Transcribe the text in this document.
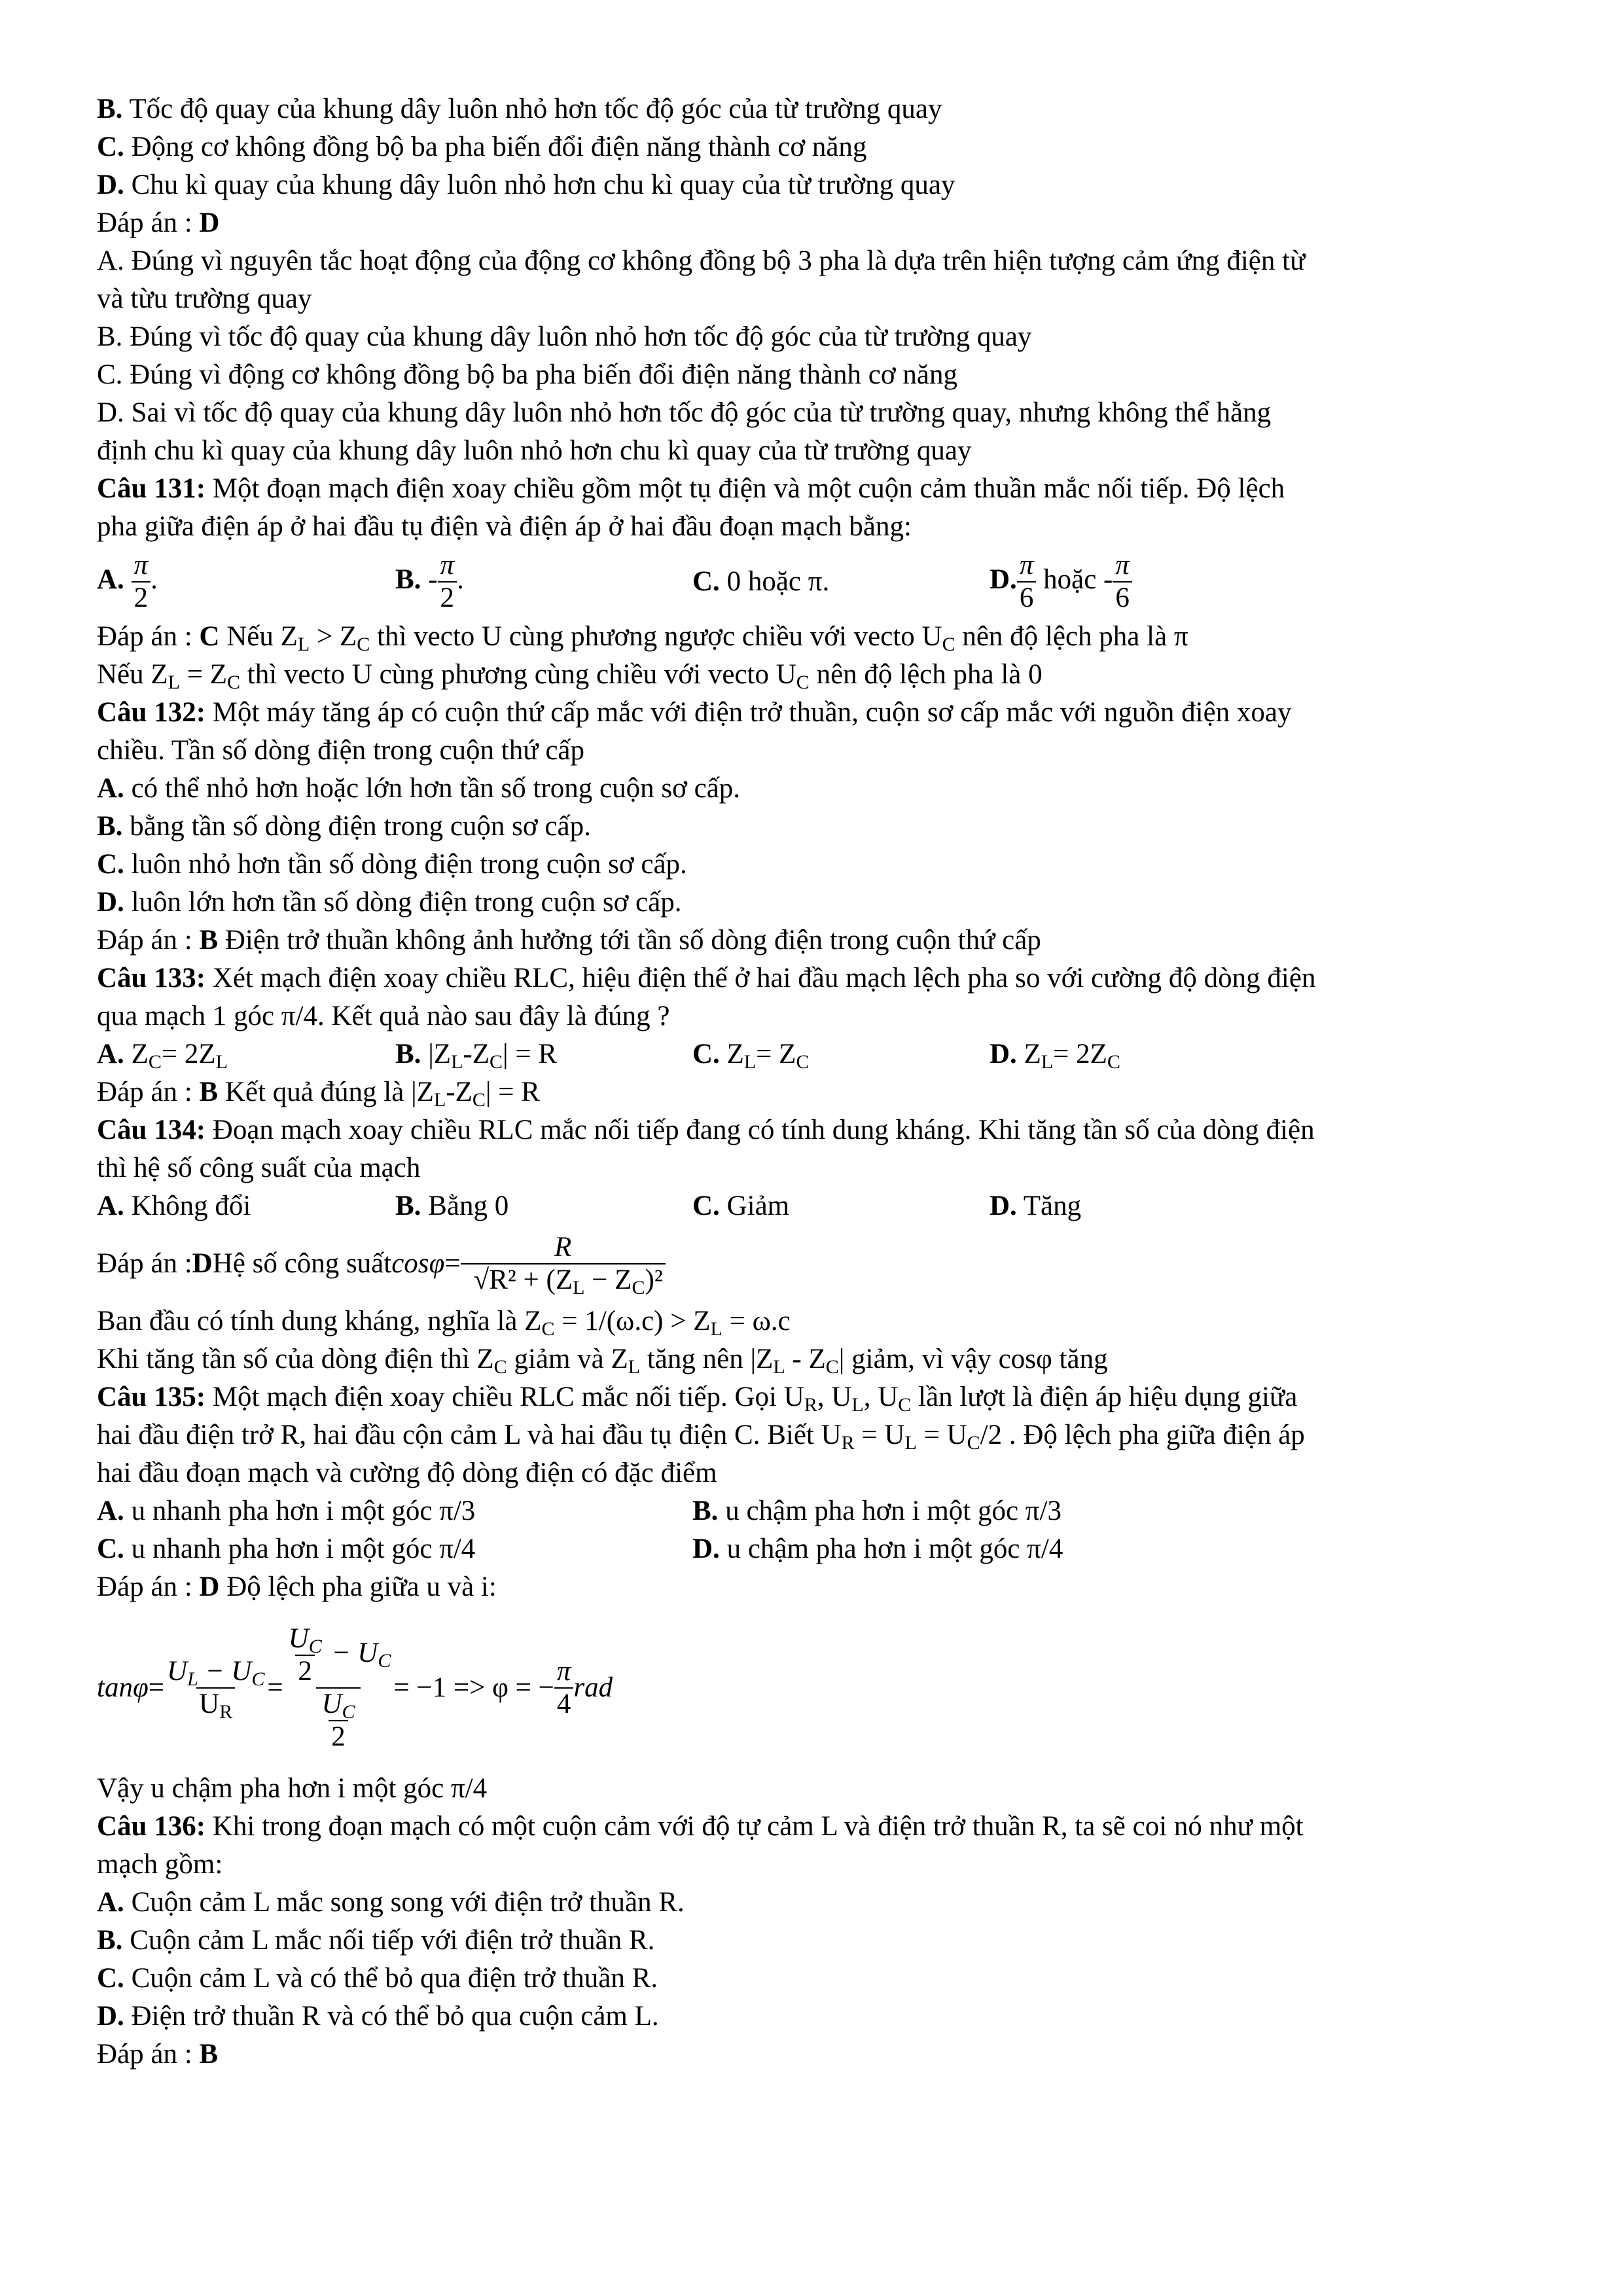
B. Tốc độ quay của khung dây luôn nhỏ hơn tốc độ góc của từ trường quay
C. Động cơ không đồng bộ ba pha biến đổi điện năng thành cơ năng
D. Chu kì quay của khung dây luôn nhỏ hơn chu kì quay của từ trường quay
Đáp án : D
A. Đúng vì nguyên tắc hoạt động của động cơ không đồng bộ 3 pha là dựa trên hiện tượng cảm ứng điện từ
và từu trường quay
B. Đúng vì tốc độ quay của khung dây luôn nhỏ hơn tốc độ góc của từ trường quay
C. Đúng vì động cơ không đồng bộ ba pha biến đổi điện năng thành cơ năng
D. Sai vì tốc độ quay của khung dây luôn nhỏ hơn tốc độ góc của từ trường quay, nhưng không thể hằng
định chu kì quay của khung dây luôn nhỏ hơn chu kì quay của từ trường quay
Câu 131: Một đoạn mạch điện xoay chiều gồm một tụ điện và một cuộn cảm thuần mắc nối tiếp. Độ lệch
pha giữa điện áp ở hai đầu tụ điện và điện áp ở hai đầu đoạn mạch bằng:
A. $\frac{\pi}{2}$ .	B. - $\frac{\pi}{2}$ .	C. 0 hoặc π.	D. $\frac{\pi}{6}$ hoặc - $\frac{\pi}{6}$
Đáp án : C Nếu $Z_L > Z_C$ thì vecto U cùng phương ngược chiều với vecto $U_C$ nên độ lệch pha là π
Nếu $Z_L = Z_C$ thì vecto U cùng phương cùng chiều với vecto $U_C$ nên độ lệch pha là 0
Câu 132: Một máy tăng áp có cuộn thứ cấp mắc với điện trở thuần, cuộn sơ cấp mắc với nguồn điện xoay
chiều. Tần số dòng điện trong cuộn thứ cấp
A. có thể nhỏ hơn hoặc lớn hơn tần số trong cuộn sơ cấp.
B. bằng tần số dòng điện trong cuộn sơ cấp.
C. luôn nhỏ hơn tần số dòng điện trong cuộn sơ cấp.
D. luôn lớn hơn tần số dòng điện trong cuộn sơ cấp.
Đáp án : B Điện trở thuần không ảnh hưởng tới tần số dòng điện trong cuộn thứ cấp
Câu 133: Xét mạch điện xoay chiều RLC, hiệu điện thế ở hai đầu mạch lệch pha so với cường độ dòng điện
qua mạch 1 góc π/4. Kết quả nào sau đây là đúng ?
A. $Z_C= 2Z_L$	B. $|Z_L-Z_C| = R$	C. $Z_L= Z_C$	D. $Z_L= 2Z_C$
Đáp án : B Kết quả đúng là $|Z_L-Z_C| = R$
Câu 134: Đoạn mạch xoay chiều RLC mắc nối tiếp đang có tính dung kháng. Khi tăng tần số của dòng điện
thì hệ số công suất của mạch
A. Không đổi	B. Bằng 0	C. Giảm	D. Tăng
Đáp án : D Hệ số công suất $\cos\varphi = \frac{R}{√R^2 + (Z_L - Z_C)^2}$
Ban đầu có tính dung kháng, nghĩa là $Z_C = 1/(\omega.c) > Z_L = \omega.c$
Khi tăng tần số của dòng điện thì $Z_C$ giảm và $Z_L$ tăng nên $|Z_L - Z_C|$ giảm, vì vậy cosφ tăng
Câu 135: Một mạch điện xoay chiều RLC mắc nối tiếp. Gọi $U_R$, $U_L$, $U_C$ lần lượt là điện áp hiệu dụng giữa
hai đầu điện trở R, hai đầu cộn cảm L và hai đầu tụ điện C. Biết $U_R = U_L = U_C/2$ . Độ lệch pha giữa điện áp
hai đầu đoạn mạch và cường độ dòng điện có đặc điểm
A. u nhanh pha hơn i một góc π/3	B. u chậm pha hơn i một góc π/3
C. u nhanh pha hơn i một góc π/4	D. u chậm pha hơn i một góc π/4
Đáp án : D Độ lệch pha giữa u và i:
$\tan\varphi = \frac{U_L - U_C}{U_R} = \frac{\frac{U_C}{2} - U_C}{\frac{U_C}{2}} = -1 => \varphi$ = − $\frac{\pi}{4}$ rad
Vậy u chậm pha hơn i một góc π/4
Câu 136: Khi trong đoạn mạch có một cuộn cảm với độ tự cảm L và điện trở thuần R, ta sẽ coi nó như một
mạch gồm:
A. Cuộn cảm L mắc song song với điện trở thuần R.
B. Cuộn cảm L mắc nối tiếp với điện trở thuần R.
C. Cuộn cảm L và có thể bỏ qua điện trở thuần R.
D. Điện trở thuần R và có thể bỏ qua cuộn cảm L.
Đáp án : B
